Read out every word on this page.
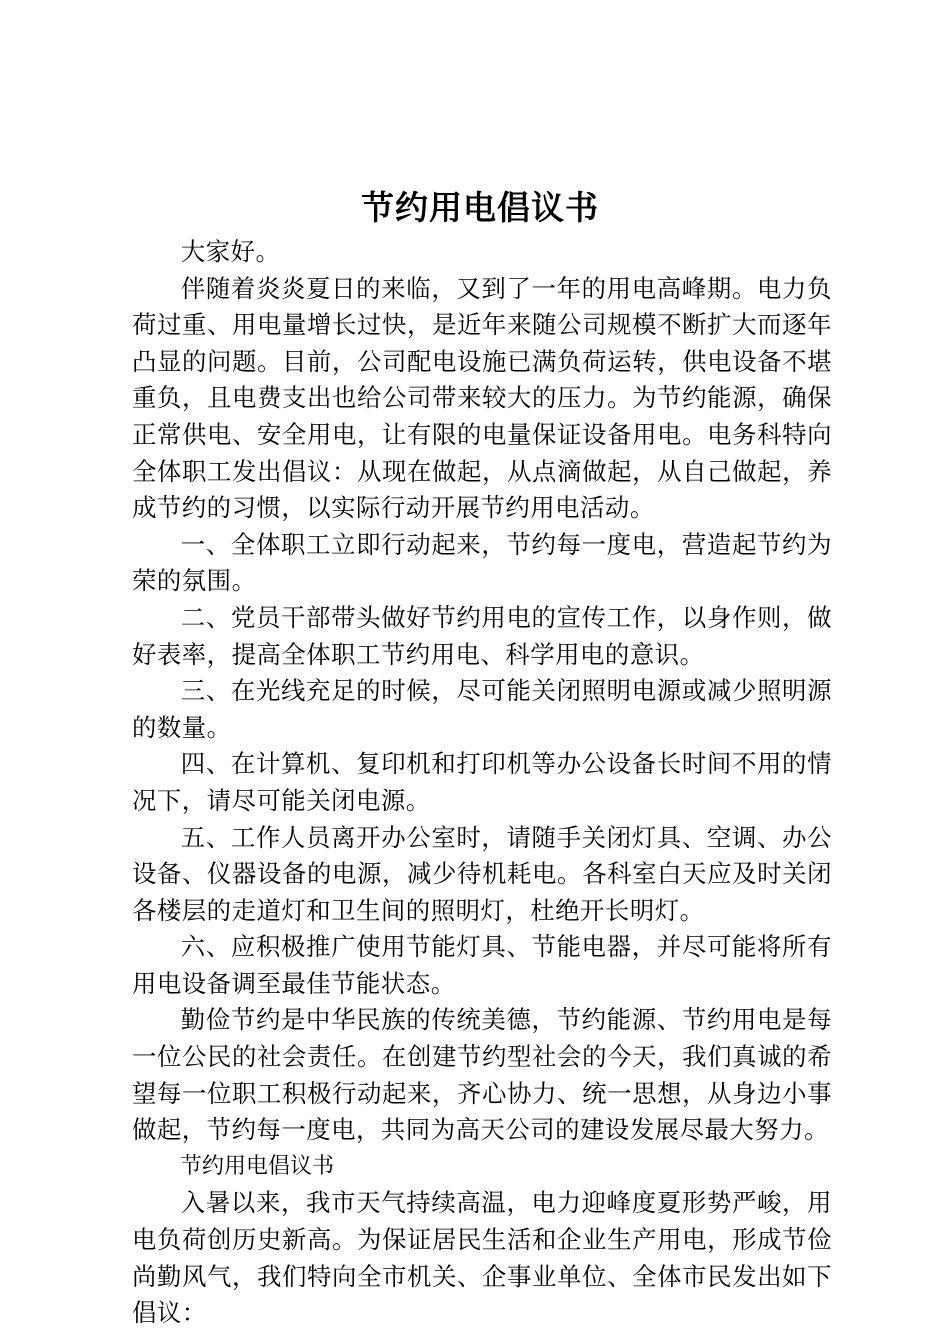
节约用电倡议书

大家好。

伴随着炎炎夏日的来临，又到了一年的用电高峰期。电力负荷过重、用电量增长过快，是近年来随公司规模不断扩大而逐年凸显的问题。目前，公司配电设施已满负荷运转，供电设备不堪重负，且电费支出也给公司带来较大的压力。为节约能源，确保正常供电、安全用电，让有限的电量保证设备用电。电务科特向全体职工发出倡议：从现在做起，从点滴做起，从自己做起，养成节约的习惯，以实际行动开展节约用电活动。

一、全体职工立即行动起来，节约每一度电，营造起节约为荣的氛围。

二、党员干部带头做好节约用电的宣传工作，以身作则，做好表率，提高全体职工节约用电、科学用电的意识。

三、在光线充足的时候，尽可能关闭照明电源或减少照明源的数量。

四、在计算机、复印机和打印机等办公设备长时间不用的情况下，请尽可能关闭电源。

五、工作人员离开办公室时，请随手关闭灯具、空调、办公设备、仪器设备的电源，减少待机耗电。各科室白天应及时关闭各楼层的走道灯和卫生间的照明灯，杜绝开长明灯。

六、应积极推广使用节能灯具、节能电器，并尽可能将所有用电设备调至最佳节能状态。

勤俭节约是中华民族的传统美德，节约能源、节约用电是每一位公民的社会责任。在创建节约型社会的今天，我们真诚的希望每一位职工积极行动起来，齐心协力、统一思想，从身边小事做起，节约每一度电，共同为高天公司的建设发展尽最大努力。

节约用电倡议书

入暑以来，我市天气持续高温，电力迎峰度夏形势严峻，用电负荷创历史新高。为保证居民生活和企业生产用电，形成节俭尚勤风气，我们特向全市机关、企事业单位、全体市民发出如下倡议：
